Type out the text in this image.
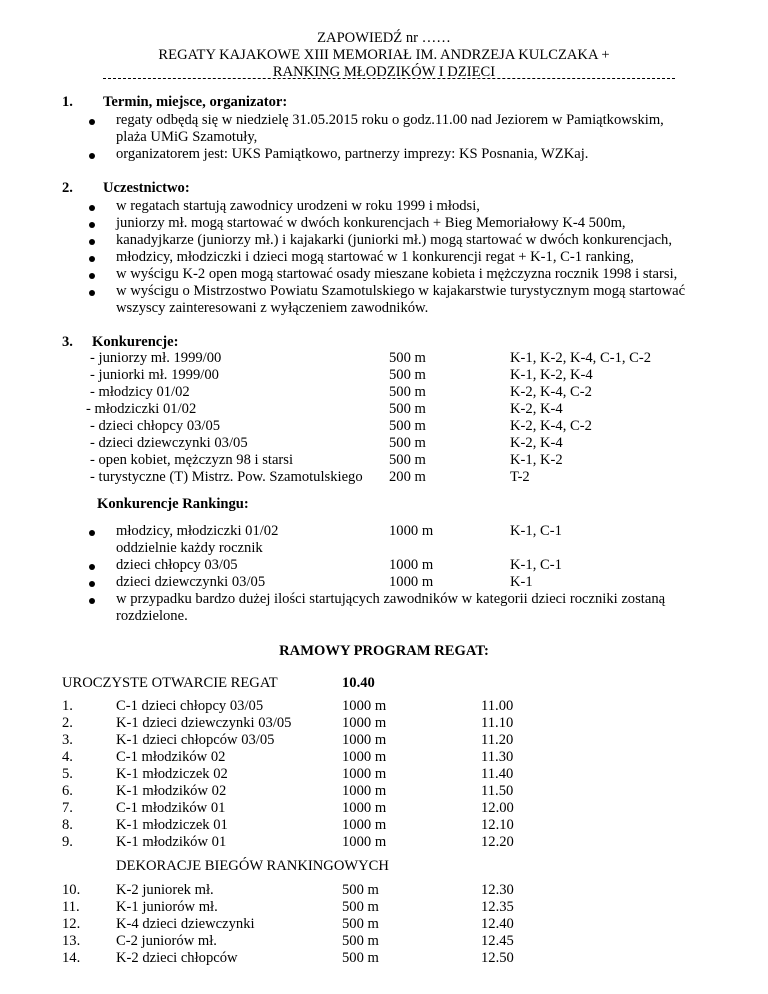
ZAPOWIEDŹ nr ……
REGATY KAJAKOWE XIII MEMORIAŁ IM. ANDRZEJA KULCZAKA +
RANKING MŁODZIKÓW I DZIECI
1. Termin, miejsce, organizator:
regaty odbędą się w niedzielę 31.05.2015 roku o godz.11.00 nad Jeziorem w Pamiątkowskim,
plaża UMiG Szamotuły,
organizatorem jest: UKS Pamiątkowo, partnerzy imprezy: KS Posnania, WZKaj.
2. Uczestnictwo:
w regatach startują zawodnicy urodzeni w roku 1999 i młodsi,
juniorzy mł. mogą startować w dwóch konkurencjach + Bieg Memoriałowy K-4 500m,
kanadyjkarze (juniorzy mł.) i kajakarki (juniorki mł.) mogą startować w dwóch konkurencjach,
młodzicy, młodziczki i dzieci mogą startować w 1 konkurencji regat + K-1, C-1 ranking,
w wyścigu K-2 open mogą startować osady mieszane kobieta i mężczyzna rocznik 1998 i starsi,
w wyścigu o Mistrzostwo Powiatu Szamotulskiego w kajakarstwie turystycznym mogą startować
wszyscy zainteresowani z wyłączeniem zawodników.
3. Konkurencje:
- juniorzy mł. 1999/00	500 m	K-1, K-2, K-4, C-1, C-2
- juniorki mł. 1999/00	500 m	K-1, K-2, K-4
- młodzicy 01/02	500 m	K-2, K-4, C-2
- młodziczki 01/02	500 m	K-2, K-4
- dzieci chłopcy 03/05	500 m	K-2, K-4, C-2
- dzieci dziewczynki 03/05	500 m	K-2, K-4
- open kobiet, mężczyzn 98 i starsi	500 m	K-1, K-2
- turystyczne (T) Mistrz. Pow. Szamotulskiego 200 m	T-2
Konkurencje Rankingu:
młodzicy, młodziczki 01/02	1000 m	K-1, C-1
oddzielnie każdy rocznik
dzieci chłopcy 03/05	1000 m	K-1, C-1
dzieci dziewczynki 03/05	1000 m	K-1
w przypadku bardzo dużej ilości startujących zawodników w kategorii dzieci roczniki zostaną
rozdzielone.
RAMOWY PROGRAM REGAT:
UROCZYSTE OTWARCIE REGAT	10.40
1.	C-1 dzieci chłopcy 03/05	1000 m	11.00
2.	K-1 dzieci dziewczynki 03/05	1000 m	11.10
3.	K-1 dzieci chłopców 03/05	1000 m	11.20
4.	C-1 młodzików 02	1000 m	11.30
5.	K-1 młodziczek 02	1000 m	11.40
6.	K-1 młodzików 02	1000 m	11.50
7.	C-1 młodzików 01	1000 m	12.00
8.	K-1 młodziczek 01	1000 m	12.10
9.	K-1 młodzików 01	1000 m	12.20
DEKORACJE BIEGÓW RANKINGOWYCH
10. K-2 juniorek mł.	500 m	12.30
11. K-1 juniorów mł.	500 m	12.35
12. K-4 dzieci dziewczynki	500 m	12.40
13. C-2 juniorów mł.	500 m	12.45
14. K-2 dzieci chłopców	500 m	12.50
